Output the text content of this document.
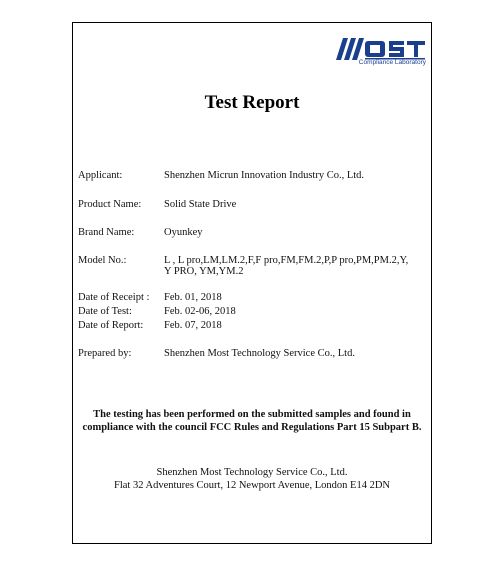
Compliance Laboratory
Test Report
Applicant:	Shenzhen Micrun Innovation Industry Co., Ltd.
Product Name: Solid State Drive
Brand Name:	Oyunkey
Model No.:	L , L pro,LM,LM.2,F,F pro,FM,FM.2,P,P pro,PM,PM.2,Y,
Y PRO, YM,YM.2
Date of Receipt : Feb. 01, 2018
Date of Test:	Feb. 02-06, 2018
Date of Report: Feb. 07, 2018
Prepared by:	Shenzhen Most Technology Service Co., Ltd.
The testing has been performed on the submitted samples and found in
compliance with the council FCC Rules and Regulations Part 15 Subpart B.
Shenzhen Most Technology Service Co., Ltd.
Flat 32 Adventures Court, 12 Newport Avenue, London E14 2DN
